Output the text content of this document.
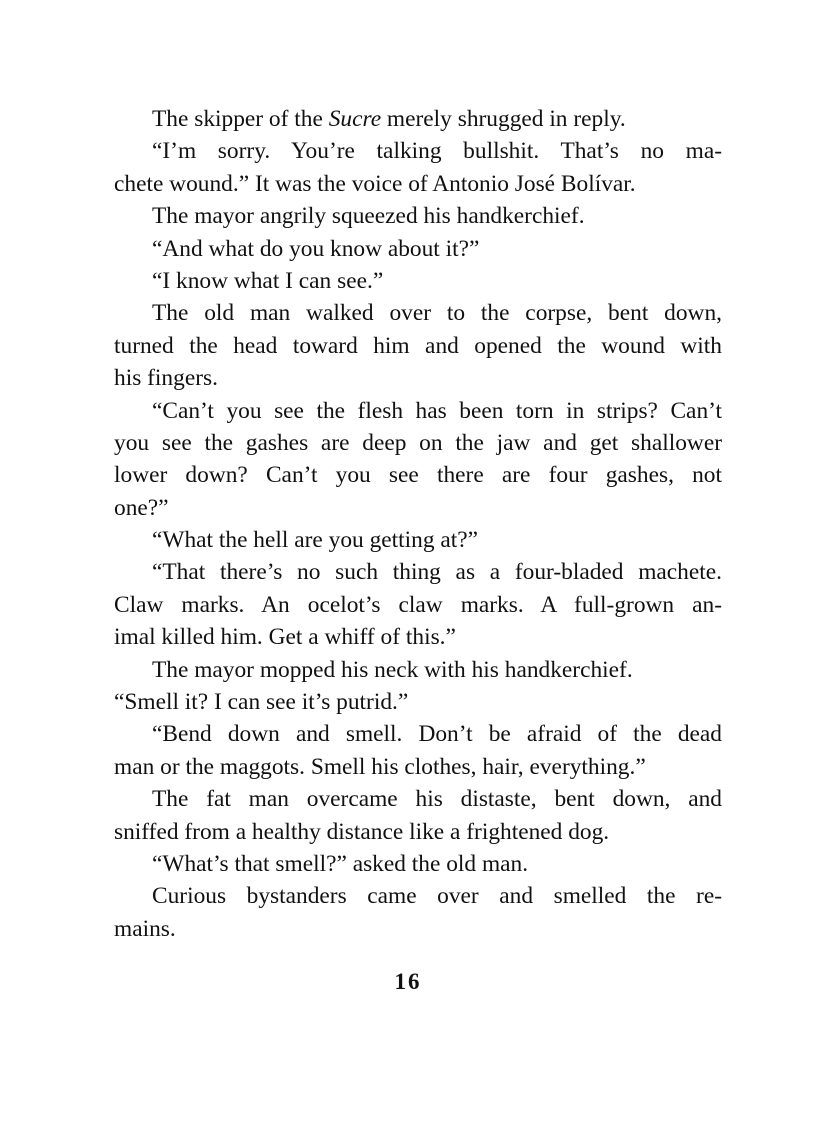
The skipper of the Sucre merely shrugged in reply.
“I’m sorry. You’re talking bullshit. That’s no ma-
chete wound.” It was the voice of Antonio José Bolívar.
The mayor angrily squeezed his handkerchief.
“And what do you know about it?”
“I know what I can see.”
The old man walked over to the corpse, bent down,
turned the head toward him and opened the wound with
his fingers.
“Can’t you see the flesh has been torn in strips? Can’t
you see the gashes are deep on the jaw and get shallower
lower down? Can’t you see there are four gashes, not
one?”
“What the hell are you getting at?”
“That there’s no such thing as a four-bladed machete.
Claw marks. An ocelot’s claw marks. A full-grown an-
imal killed him. Get a whiff of this.”
The mayor mopped his neck with his handkerchief.
“Smell it? I can see it’s putrid.”
“Bend down and smell. Don’t be afraid of the dead
man or the maggots. Smell his clothes, hair, everything.”
The fat man overcame his distaste, bent down, and
sniffed from a healthy distance like a frightened dog.
“What’s that smell?” asked the old man.
Curious bystanders came over and smelled the re-
mains.
16
